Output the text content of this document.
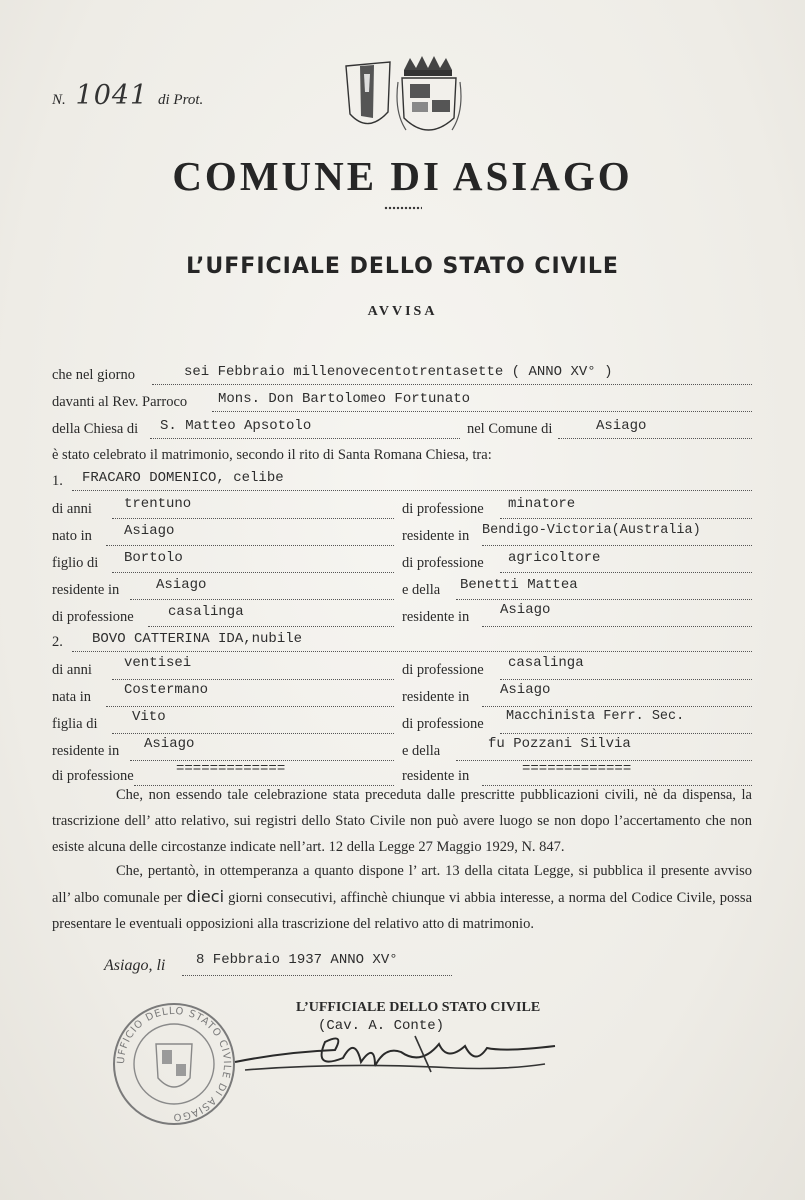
N. 1041 di Prot.
COMUNE DI ASIAGO
L’UFFICIALE DELLO STATO CIVILE
AVVISA
che nel giorno	sei Febbraio millenovecentotrentasette ( ANNO XV° )
davanti al Rev. Parroco Mons. Don Bartolomeo Fortunato
della Chiesa di S. Matteo Apsotolo	nel Comune di	Asiago
è stato celebrato il matrimonio, secondo il rito di Santa Romana Chiesa, tra:
1. FRACARO DOMENICO, celibe
di anni trentuno	di professione minatore
nato in Asiago	residente in Bendigo-Victoria(Australia)
figlio di Bortolo	di professione agricoltore
residente in	Asiago	e della Benetti Mattea
di professione casalinga	residente in Asiago
2. BOVO CATTERINA IDA,nubile
di anni ventisei	di professione casalinga
nata in Costermano	residente in Asiago
figlia di Vito	di professione Macchinista Ferr. Sec.
residente in Asiago	e della	fu Pozzani Silvia
di professione	=============	residente in	=============
Che, non essendo tale celebrazione stata preceduta dalle prescritte pubblicazioni civili, nè da dispensa, la trascrizione dell’ atto relativo, sui registri dello Stato Civile non può avere luogo se non dopo l’accertamento che non esiste alcuna delle circostanze indicate nell’art. 12 della Legge 27 Maggio 1929, N. 847.
Che, pertantò, in ottemperanza a quanto dispone l’ art. 13 della citata Legge, si pubblica il presente avviso all’ albo comunale per dieci giorni consecutivi, affinchè chiunque vi abbia interesse, a norma del Codice Civile, possa presentare le eventuali opposizioni alla trascrizione del relativo atto di matrimonio.
Asiago, li 8 Febbraio 1937 ANNO XV°
UFFICIO DELLO STATO CIVILE DI ASIAGO
L’UFFICIALE DELLO STATO CIVILE
(Cav. A. Conte)
